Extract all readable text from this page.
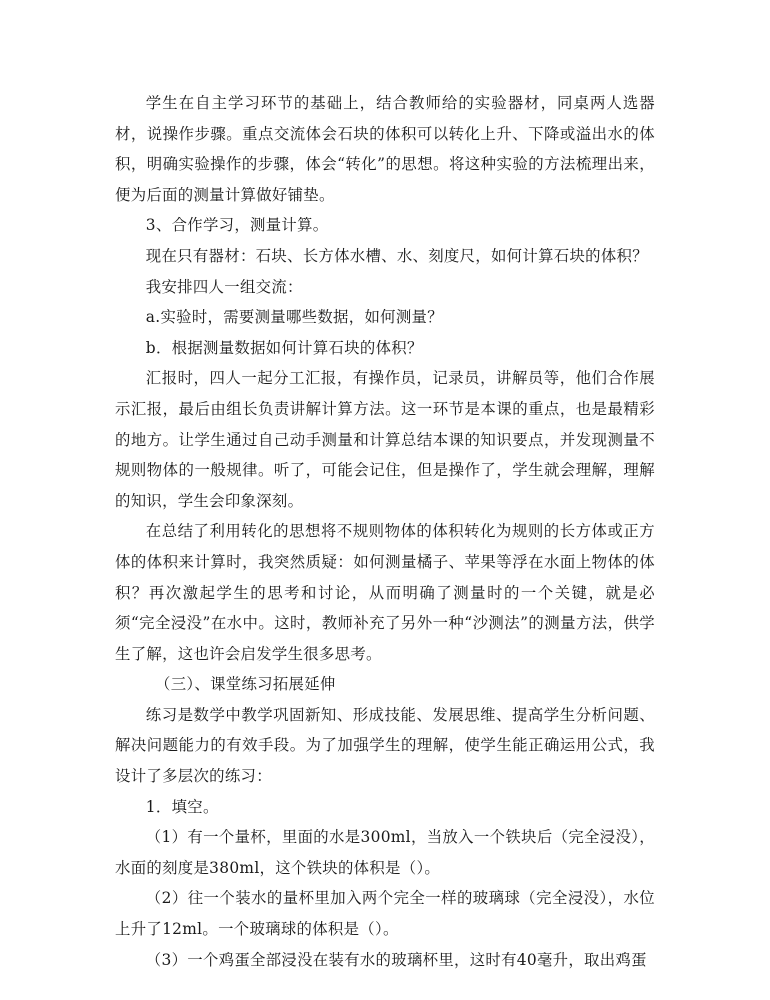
学生在自主学习环节的基础上，结合教师给的实验器材，同桌两人选器材，说操作步骤。重点交流体会石块的体积可以转化上升、下降或溢出水的体积，明确实验操作的步骤，体会“转化”的思想。将这种实验的方法梳理出来，便为后面的测量计算做好铺垫。

3、合作学习，测量计算。

现在只有器材：石块、长方体水槽、水、刻度尺，如何计算石块的体积？

我安排四人一组交流：

a.实验时，需要测量哪些数据，如何测量？

b．根据测量数据如何计算石块的体积？

汇报时，四人一起分工汇报，有操作员，记录员，讲解员等，他们合作展示汇报，最后由组长负责讲解计算方法。这一环节是本课的重点，也是最精彩的地方。让学生通过自己动手测量和计算总结本课的知识要点，并发现测量不规则物体的一般规律。听了，可能会记住，但是操作了，学生就会理解，理解的知识，学生会印象深刻。

在总结了利用转化的思想将不规则物体的体积转化为规则的长方体或正方体的体积来计算时，我突然质疑：如何测量橘子、苹果等浮在水面上物体的体积？再次激起学生的思考和讨论，从而明确了测量时的一个关键，就是必须“完全浸没”在水中。这时，教师补充了另外一种“沙测法”的测量方法，供学生了解，这也许会启发学生很多思考。

（三）、课堂练习拓展延伸

练习是数学中教学巩固新知、形成技能、发展思维、提高学生分析问题、解决问题能力的有效手段。为了加强学生的理解，使学生能正确运用公式，我设计了多层次的练习：

1．填空。

（1）有一个量杯，里面的水是300ml，当放入一个铁块后（完全浸没），水面的刻度是380ml，这个铁块的体积是（）。

（2）往一个装水的量杯里加入两个完全一样的玻璃球（完全浸没），水位上升了12ml。一个玻璃球的体积是（）。

（3）一个鸡蛋全部浸没在装有水的玻璃杯里，这时有40毫升，取出鸡蛋
